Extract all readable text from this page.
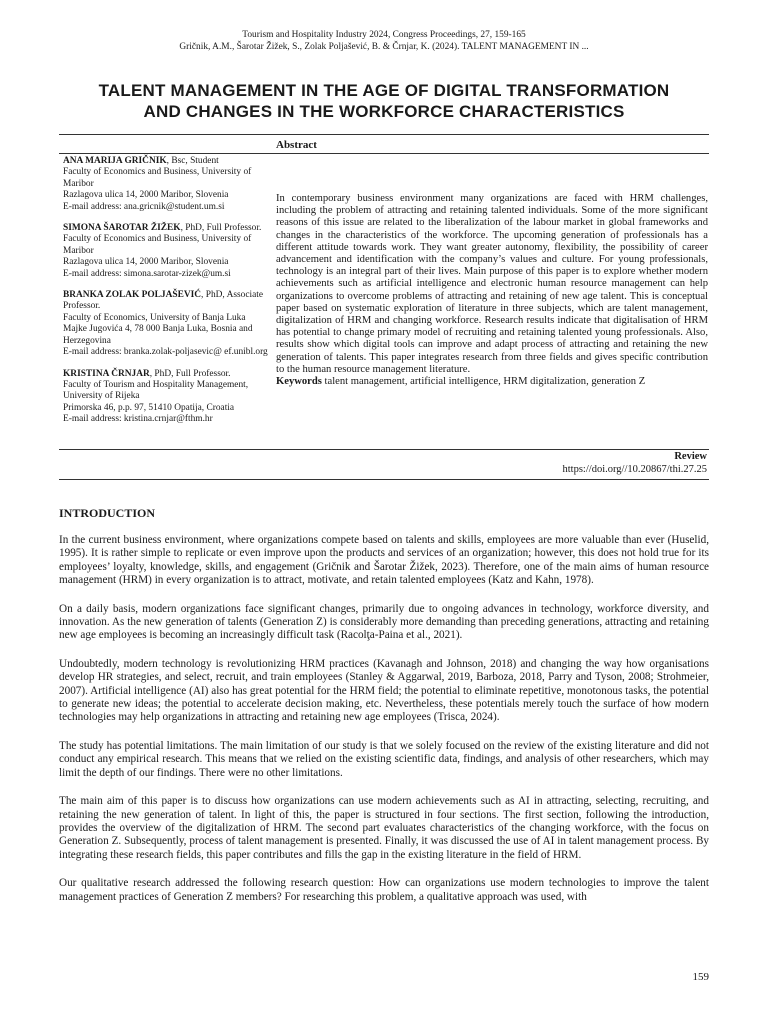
Tourism and Hospitality Industry 2024, Congress Proceedings, 27, 159-165
Gričnik, A.M., Šarotar Žižek, S., Zolak Poljašević, B. & Črnjar, K. (2024). TALENT MANAGEMENT IN ...
TALENT MANAGEMENT IN THE AGE OF DIGITAL TRANSFORMATION
AND CHANGES IN THE WORKFORCE CHARACTERISTICS
Abstract
ANA MARIJA GRIČNIK, Bsc, Student
Faculty of Economics and Business, University of Maribor
Razlagova ulica 14, 2000 Maribor, Slovenia
E-mail address: ana.gricnik@student.um.si
SIMONA ŠAROTAR ŽIŽEK, PhD, Full Professor.
Faculty of Economics and Business, University of Maribor
Razlagova ulica 14, 2000 Maribor, Slovenia
E-mail address: simona.sarotar-zizek@um.si
BRANKA ZOLAK POLJAŠEVIĆ, PhD, Associate Professor.
Faculty of Economics, University of Banja Luka
Majke Jugovića 4, 78 000 Banja Luka, Bosnia and Herzegovina
E-mail address: branka.zolak-poljasevic@ ef.unibl.org
KRISTINA ČRNJAR, PhD, Full Professor.
Faculty of Tourism and Hospitality Management, University of Rijeka
Primorska 46, p.p. 97, 51410 Opatija, Croatia
E-mail address: kristina.crnjar@fthm.hr

In contemporary business environment many organizations are faced with HRM challenges, including the problem of attracting and retaining talented individuals. Some of the more significant reasons of this issue are related to the liberalization of the labour market in global frameworks and changes in the characteristics of the workforce. The upcoming generation of professionals has a different attitude towards work. They want greater autonomy, flexibility, the possibility of career advancement and identification with the company’s values and culture. For young professionals, technology is an integral part of their lives. Main purpose of this paper is to explore whether modern achievements such as artificial intelligence and electronic human resource management can help organizations to overcome problems of attracting and retaining of new age talent. This is conceptual paper based on systematic exploration of literature in three subjects, which are talent management, digitalization of HRM and changing workforce. Research results indicate that digitalisation of HRM has potential to change primary model of recruiting and retaining talented young professionals. Also, results show which digital tools can improve and adapt process of attracting and retaining the new generation of talents. This paper integrates research from three fields and gives specific contribution to the human resource management literature.

Keywords talent management, artificial intelligence, HRM digitalization, generation Z

Review
https://doi.org//10.20867/thi.27.25
INTRODUCTION

In the current business environment, where organizations compete based on talents and skills, employees are more valuable than ever (Huselid, 1995). It is rather simple to replicate or even improve upon the products and services of an organization; however, this does not hold true for its employees’ loyalty, knowledge, skills, and engagement (Gričnik and Šarotar Žižek, 2023). Therefore, one of the main aims of human resource management (HRM) in every organization is to attract, motivate, and retain talented employees (Katz and Kahn, 1978).

On a daily basis, modern organizations face significant changes, primarily due to ongoing advances in technology, workforce diversity, and innovation. As the new generation of talents (Generation Z) is considerably more demanding than preceding generations, attracting and retaining new age employees is becoming an increasingly difficult task (Racolţa-Paina et al., 2021).

Undoubtedly, modern technology is revolutionizing HRM practices (Kavanagh and Johnson, 2018) and changing the way how organisations develop HR strategies, and select, recruit, and train employees (Stanley & Aggarwal, 2019, Barboza, 2018, Parry and Tyson, 2008; Strohmeier, 2007). Artificial intelligence (AI) also has great potential for the HRM field; the potential to eliminate repetitive, monotonous tasks, the potential to generate new ideas; the potential to accelerate decision making, etc. Nevertheless, these potentials merely touch the surface of how modern technologies may help organizations in attracting and retaining new age employees (Trisca, 2024).

The study has potential limitations. The main limitation of our study is that we solely focused on the review of the existing literature and did not conduct any empirical research. This means that we relied on the existing scientific data, findings, and analysis of other researchers, which may limit the depth of our findings. There were no other limitations.

The main aim of this paper is to discuss how organizations can use modern achievements such as AI in attracting, selecting, recruiting, and retaining the new generation of talent. In light of this, the paper is structured in four sections. The first section, following the introduction, provides the overview of the digitalization of HRM. The second part evaluates characteristics of the changing workforce, with the focus on Generation Z. Subsequently, process of talent management is presented. Finally, it was discussed the use of AI in talent management process. By integrating these research fields, this paper contributes and fills the gap in the existing literature in the field of HRM.

Our qualitative research addressed the following research question: How can organizations use modern technologies to improve the talent management practices of Generation Z members? For researching this problem, a qualitative approach was used, with

159
